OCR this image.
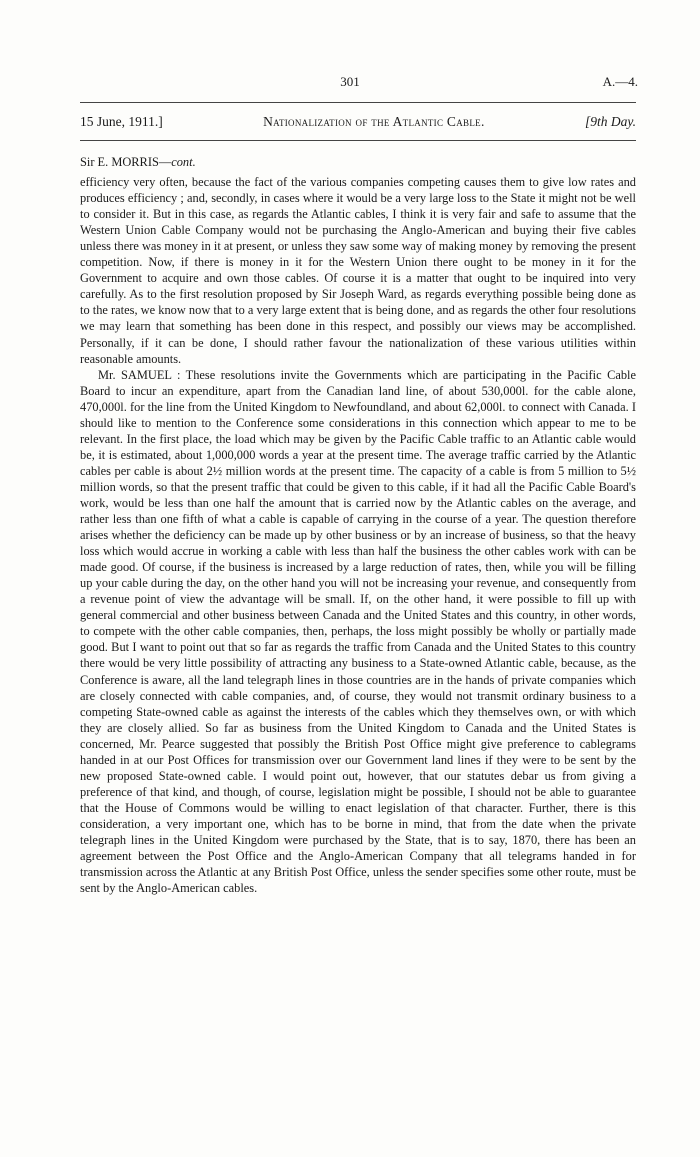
301	A.—4.
15 June, 1911.]	Nationalization of the Atlantic Cable.	[9th Day.

Sir E. MORRIS—cont.

efficiency very often, because the fact of the various companies competing causes them to give low rates and produces efficiency ; and, secondly, in cases where it would be a very large loss to the State it might not be well to consider it. But in this case, as regards the Atlantic cables, I think it is very fair and safe to assume that the Western Union Cable Company would not be purchasing the Anglo-American and buying their five cables unless there was money in it at present, or unless they saw some way of making money by removing the present competition. Now, if there is money in it for the Western Union there ought to be money in it for the Government to acquire and own those cables. Of course it is a matter that ought to be inquired into very carefully. As to the first resolution proposed by Sir Joseph Ward, as regards everything possible being done as to the rates, we know now that to a very large extent that is being done, and as regards the other four resolutions we may learn that something has been done in this respect, and possibly our views may be accomplished. Personally, if it can be done, I should rather favour the nationalization of these various utilities within reasonable amounts.

Mr. SAMUEL : These resolutions invite the Governments which are participating in the Pacific Cable Board to incur an expenditure, apart from the Canadian land line, of about 530,000l. for the cable alone, 470,000l. for the line from the United Kingdom to Newfoundland, and about 62,000l. to connect with Canada. I should like to mention to the Conference some considerations in this connection which appear to me to be relevant. In the first place, the load which may be given by the Pacific Cable traffic to an Atlantic cable would be, it is estimated, about 1,000,000 words a year at the present time. The average traffic carried by the Atlantic cables per cable is about 2½ million words at the present time. The capacity of a cable is from 5 million to 5½ million words, so that the present traffic that could be given to this cable, if it had all the Pacific Cable Board's work, would be less than one half the amount that is carried now by the Atlantic cables on the average, and rather less than one fifth of what a cable is capable of carrying in the course of a year. The question therefore arises whether the deficiency can be made up by other business or by an increase of business, so that the heavy loss which would accrue in working a cable with less than half the business the other cables work with can be made good. Of course, if the business is increased by a large reduction of rates, then, while you will be filling up your cable during the day, on the other hand you will not be increasing your revenue, and consequently from a revenue point of view the advantage will be small. If, on the other hand, it were possible to fill up with general commercial and other business between Canada and the United States and this country, in other words, to compete with the other cable companies, then, perhaps, the loss might possibly be wholly or partially made good. But I want to point out that so far as regards the traffic from Canada and the United States to this country there would be very little possibility of attracting any business to a State-owned Atlantic cable, because, as the Conference is aware, all the land telegraph lines in those countries are in the hands of private companies which are closely connected with cable companies, and, of course, they would not transmit ordinary business to a competing State-owned cable as against the interests of the cables which they themselves own, or with which they are closely allied. So far as business from the United Kingdom to Canada and the United States is concerned, Mr. Pearce suggested that possibly the British Post Office might give preference to cablegrams handed in at our Post Offices for transmission over our Government land lines if they were to be sent by the new proposed State-owned cable. I would point out, however, that our statutes debar us from giving a preference of that kind, and though, of course, legislation might be possible, I should not be able to guarantee that the House of Commons would be willing to enact legislation of that character. Further, there is this consideration, a very important one, which has to be borne in mind, that from the date when the private telegraph lines in the United Kingdom were purchased by the State, that is to say, 1870, there has been an agreement between the Post Office and the Anglo-American Company that all telegrams handed in for transmission across the Atlantic at any British Post Office, unless the sender specifies some other route, must be sent by the Anglo-American cables.
